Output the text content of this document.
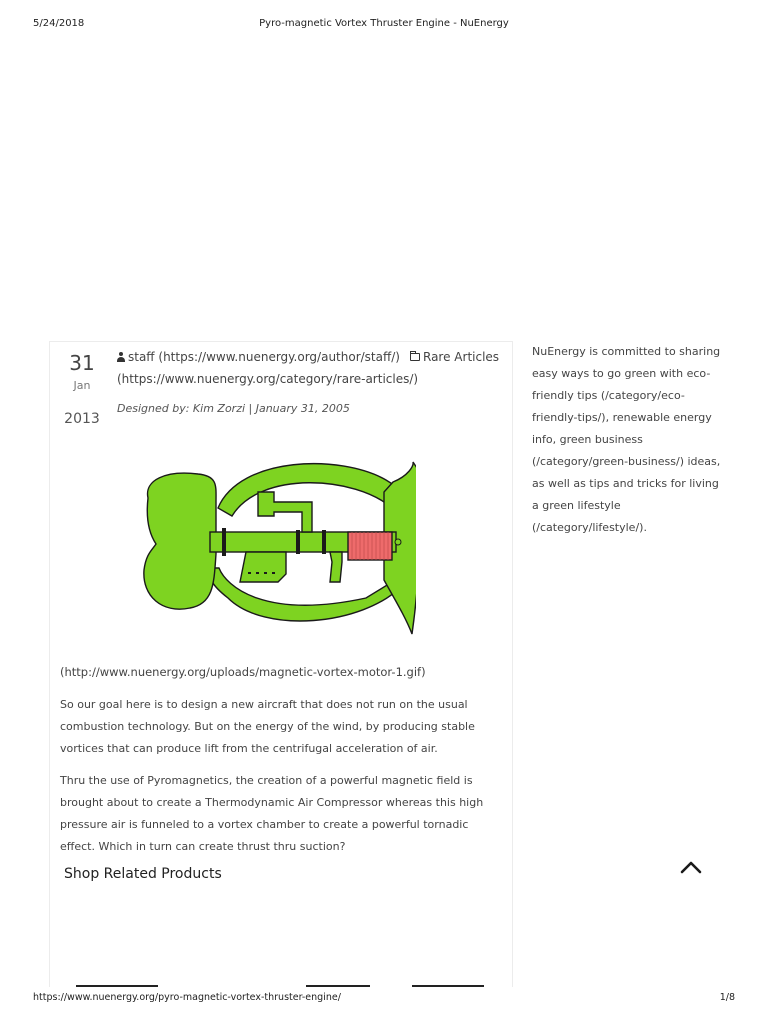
5/24/2018	Pyro-magnetic Vortex Thruster Engine - NuEnergy
31
Jan
2013
staff (https://www.nuenergy.org/author/staff/) Rare Articles
(https://www.nuenergy.org/category/rare-articles/)
Designed by: Kim Zorzi | January 31, 2005
(http://www.nuenergy.org/uploads/magnetic-vortex-motor-1.gif)

So our goal here is to design a new aircraft that does not run on the usual combustion technology. But on the energy of the wind, by producing stable vortices that can produce lift from the centrifugal acceleration of air.

Thru the use of Pyromagnetics, the creation of a powerful magnetic field is brought about to create a Thermodynamic Air Compressor whereas this high pressure air is funneled to a vortex chamber to create a powerful tornadic effect. Which in turn can create thrust thru suction?

Shop Related Products

NuEnergy is committed to sharing easy ways to go green with eco-friendly tips (/category/eco-friendly-tips/), renewable energy info, green business (/category/green-business/) ideas, as well as tips and tricks for living a green lifestyle (/category/lifestyle/).

https://www.nuenergy.org/pyro-magnetic-vortex-thruster-engine/	1/8
